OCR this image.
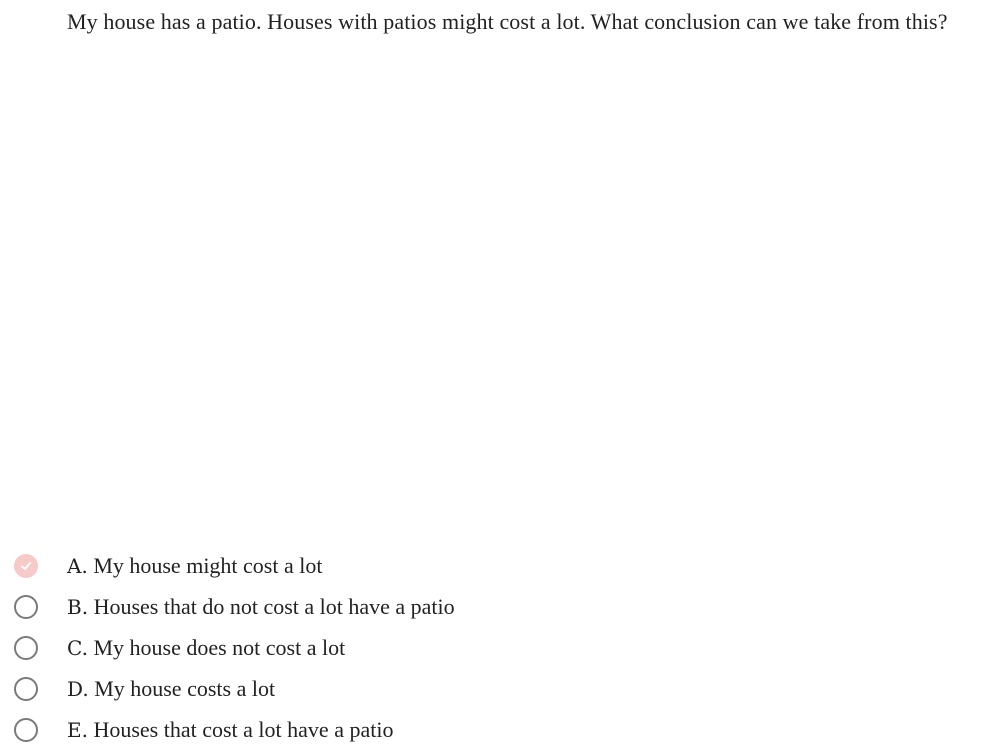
My house has a patio. Houses with patios might cost a lot. What conclusion can we take from this?
A. My house might cost a lot
B. Houses that do not cost a lot have a patio
C. My house does not cost a lot
D. My house costs a lot
E. Houses that cost a lot have a patio
